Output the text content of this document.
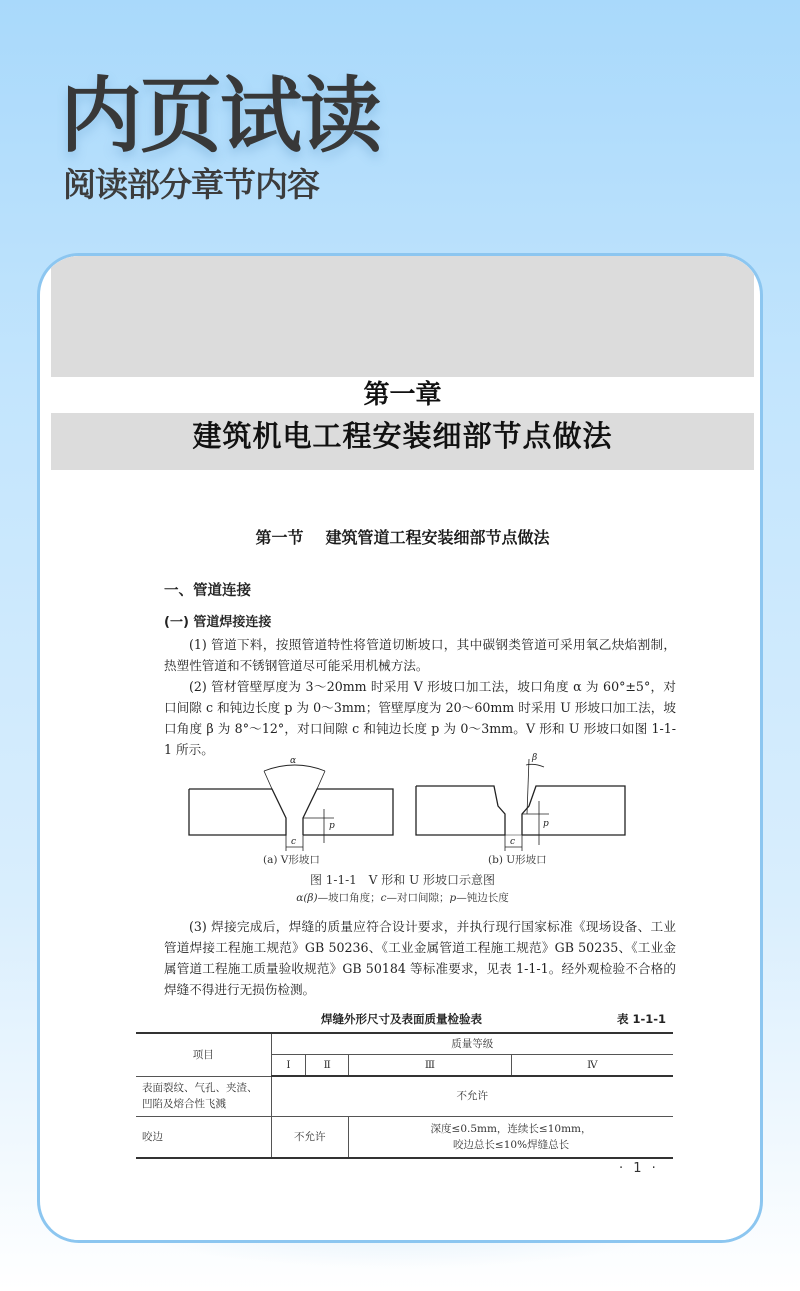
内页试读
阅读部分章节内容
第一章
建筑机电工程安装细部节点做法
第一节 建筑管道工程安装细部节点做法
一、管道连接
(一) 管道焊接连接
(1) 管道下料，按照管道特性将管道切断坡口，其中碳钢类管道可采用氧乙炔焰割制，热塑性管道和不锈钢管道尽可能采用机械方法。
(2) 管材管壁厚度为 3～20mm 时采用 V 形坡口加工法，坡口角度 α 为 60°±5°，对口间隙 c 和钝边长度 p 为 0～3mm；管壁厚度为 20～60mm 时采用 U 形坡口加工法，坡口角度 β 为 8°～12°，对口间隙 c 和钝边长度 p 为 0～3mm。V 形和 U 形坡口如图 1-1-1 所示。
α
c
p
β
c
p
(a) V形坡口	(b) U形坡口
图 1-1-1　V 形和 U 形坡口示意图
α(β)—坡口角度；c—对口间隙；p—钝边长度
(3) 焊接完成后，焊缝的质量应符合设计要求，并执行现行国家标准《现场设备、工业管道焊接工程施工规范》GB 50236、《工业金属管道工程施工规范》GB 50235、《工业金属管道工程施工质量验收规范》GB 50184 等标准要求，见表 1-1-1。经外观检验不合格的焊缝不得进行无损伤检测。
焊缝外形尺寸及表面质量检验表	表 1-1-1
项目	质量等级			
	Ⅰ	Ⅱ	Ⅲ	Ⅳ
表面裂纹、气孔、夹渣、凹陷及熔合性飞溅	不允许			
咬边	不允许		深度≤0.5mm，连续长≤10mm，
咬边总长≤10%焊缝总长	
· 1 ·
